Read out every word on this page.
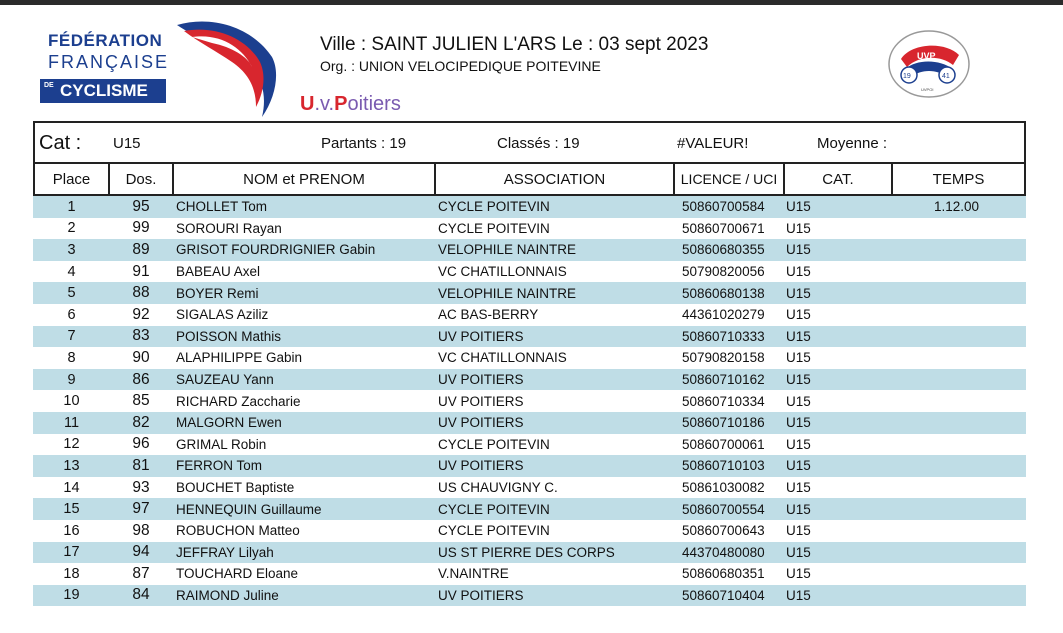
FÉDÉRATION
FRANÇAISE
DE CYCLISME
U.v.Poitiers
Ville : SAINT JULIEN L'ARS Le : 03 sept 2023
Org. : UNION VELOCIPEDIQUE POITEVINE
UVP
19	41
UVPOI
Cat : U15	Partants : 19	Classés : 19	#VALEUR!	Moyenne :
Place	Dos.	NOM et PRENOM	ASSOCIATION	LICENCE / UCI	CAT.	TEMPS
1	95	CHOLLET Tom	CYCLE POITEVIN	50860700584	U15	1.12.00
2	99	SOROURI Rayan	CYCLE POITEVIN	50860700671	U15
3	89	GRISOT FOURDRIGNIER Gabin	VELOPHILE NAINTRE	50860680355	U15
4	91	BABEAU Axel	VC CHATILLONNAIS	50790820056	U15
5	88	BOYER Remi	VELOPHILE NAINTRE	50860680138	U15
6	92	SIGALAS Aziliz	AC BAS-BERRY	44361020279	U15
7	83	POISSON Mathis	UV POITIERS	50860710333	U15
8	90	ALAPHILIPPE Gabin	VC CHATILLONNAIS	50790820158	U15
9	86	SAUZEAU Yann	UV POITIERS	50860710162	U15
10	85	RICHARD Zaccharie	UV POITIERS	50860710334	U15
11	82	MALGORN Ewen	UV POITIERS	50860710186	U15
12	96	GRIMAL Robin	CYCLE POITEVIN	50860700061	U15
13	81	FERRON Tom	UV POITIERS	50860710103	U15
14	93	BOUCHET Baptiste	US CHAUVIGNY C.	50861030082	U15
15	97	HENNEQUIN Guillaume	CYCLE POITEVIN	50860700554	U15
16	98	ROBUCHON Matteo	CYCLE POITEVIN	50860700643	U15
17	94	JEFFRAY Lilyah	US ST PIERRE DES CORPS	44370480080	U15
18	87	TOUCHARD Eloane	V.NAINTRE	50860680351	U15
19	84	RAIMOND Juline	UV POITIERS	50860710404	U15
